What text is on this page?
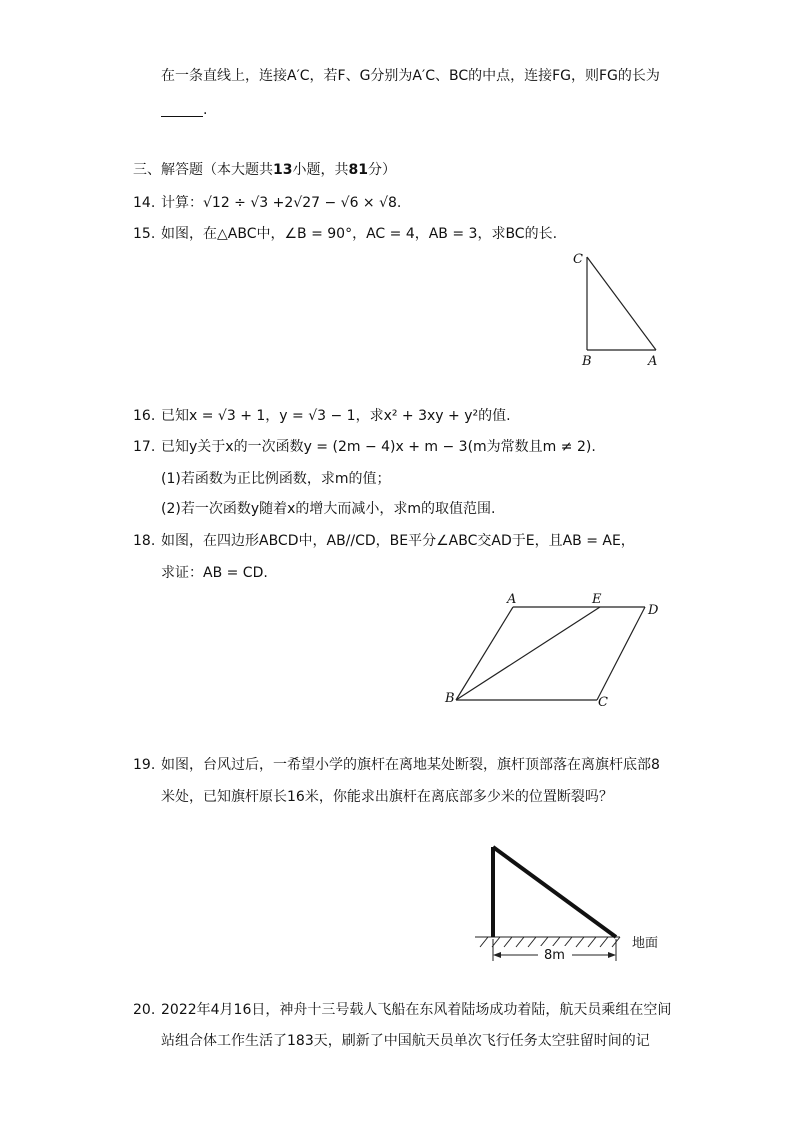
在一条直线上，连接A′C，若F、G分别为A′C、BC的中点，连接FG，则FG的长为
.
三、解答题（本大题共13小题，共81分）
14. 计算：√12 ÷ √3 +2√27 − √6 × √8.
15. 如图，在△ABC中，∠B = 90°，AC = 4，AB = 3，求BC的长.
C
B	A
16. 已知x = √3 + 1，y = √3 − 1，求x² + 3xy + y²的值.
17. 已知y关于x的一次函数y = (2m − 4)x + m − 3(m为常数且m ≠ 2).
(1)若函数为正比例函数，求m的值；
(2)若一次函数y随着x的增大而减小，求m的取值范围.
18. 如图，在四边形ABCD中，AB//CD，BE平分∠ABC交AD于E，且AB = AE，
求证：AB = CD.
A	E
D
B	C
19. 如图，台风过后，一希望小学的旗杆在离地某处断裂，旗杆顶部落在离旗杆底部8
米处，已知旗杆原长16米，你能求出旗杆在离底部多少米的位置断裂吗？
8m
地面
20. 2022年4月16日，神舟十三号载人飞船在东风着陆场成功着陆，航天员乘组在空间
站组合体工作生活了183天，刷新了中国航天员单次飞行任务太空驻留时间的记
